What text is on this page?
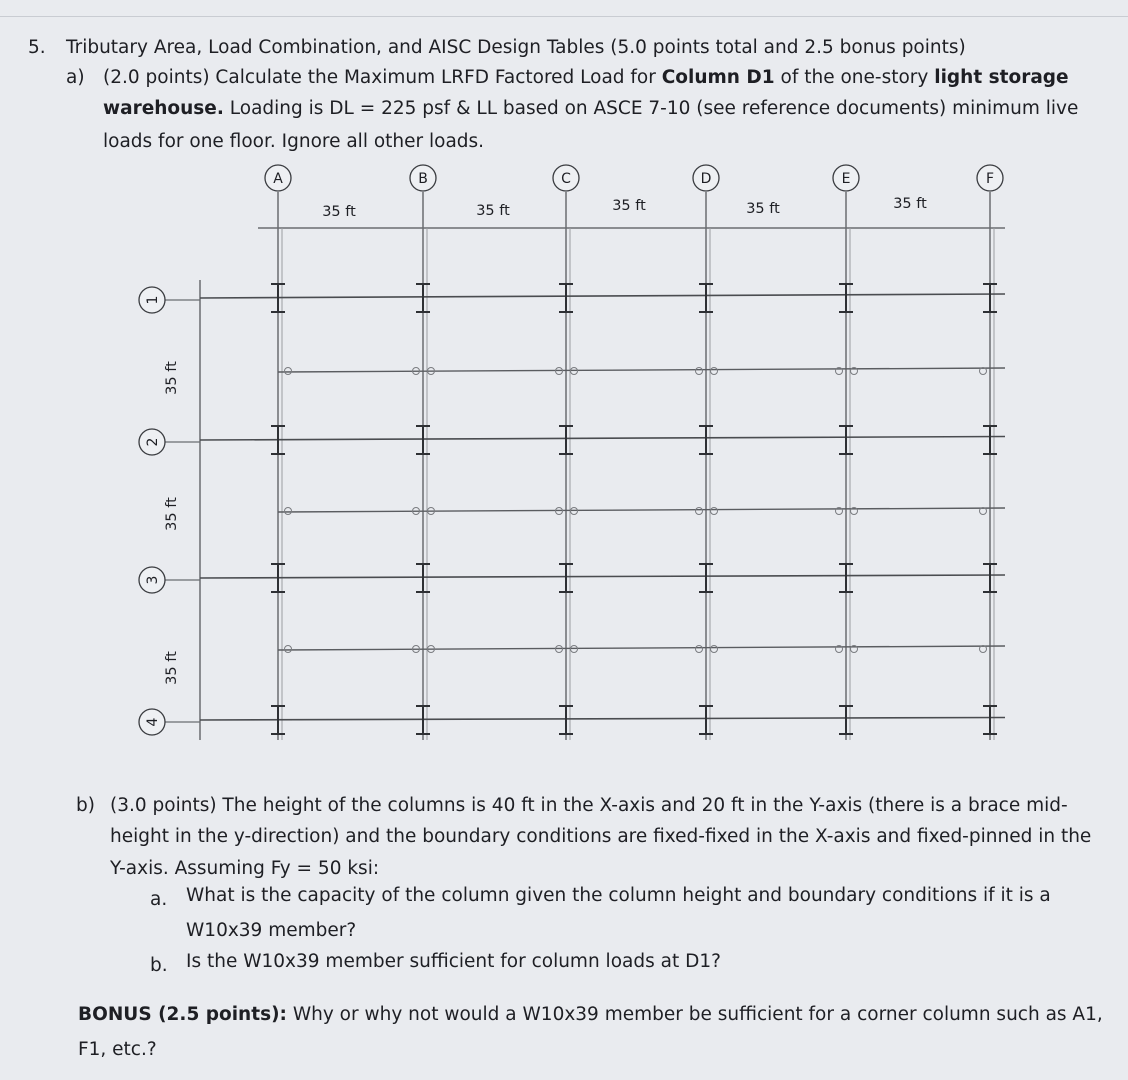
5. Tributary Area, Load Combination, and AISC Design Tables (5.0 points total and 2.5 bonus points)
a) (2.0 points) Calculate the Maximum LRFD Factored Load for Column D1 of the one-story light storage
warehouse. Loading is DL = 225 psf & LL based on ASCE 7-10 (see reference documents) minimum live
loads for one floor. Ignore all other loads.
A	B	C	D	E	F
1
2
3
4
35 ft	35 ft	35 ft	35 ft	35 ft
35 ft
35 ft
35 ft
b) (3.0 points) The height of the columns is 40 ft in the X-axis and 20 ft in the Y-axis (there is a brace mid-
height in the y-direction) and the boundary conditions are fixed-fixed in the X-axis and fixed-pinned in the
Y-axis. Assuming Fy = 50 ksi:
a. What is the capacity of the column given the column height and boundary conditions if it is a
W10x39 member?
b. Is the W10x39 member sufficient for column loads at D1?
BONUS (2.5 points): Why or why not would a W10x39 member be sufficient for a corner column such as A1,
F1, etc.?
